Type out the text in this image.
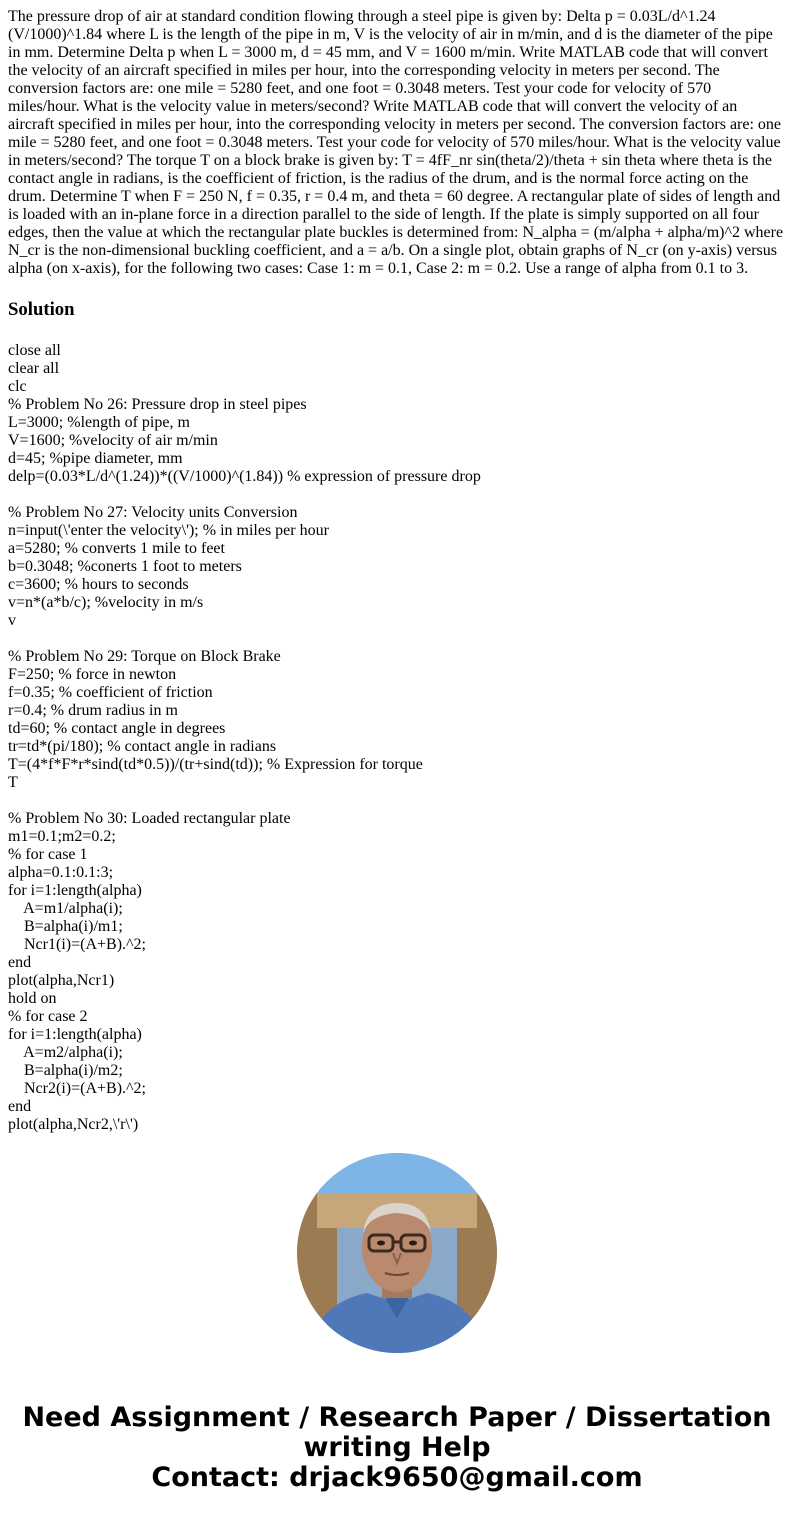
The pressure drop of air at standard condition flowing through a steel pipe is given by: Delta p = 0.03L/d^1.24 (V/1000)^1.84 where L is the length of the pipe in m, V is the velocity of air in m/min, and d is the diameter of the pipe in mm. Determine Delta p when L = 3000 m, d = 45 mm, and V = 1600 m/min. Write MATLAB code that will convert the velocity of an aircraft specified in miles per hour, into the corresponding velocity in meters per second. The conversion factors are: one mile = 5280 feet, and one foot = 0.3048 meters. Test your code for velocity of 570 miles/hour. What is the velocity value in meters/second? Write MATLAB code that will convert the velocity of an aircraft specified in miles per hour, into the corresponding velocity in meters per second. The conversion factors are: one mile = 5280 feet, and one foot = 0.3048 meters. Test your code for velocity of 570 miles/hour. What is the velocity value in meters/second? The torque T on a block brake is given by: T = 4fF_nr sin(theta/2)/theta + sin theta where theta is the contact angle in radians, is the coefficient of friction, is the radius of the drum, and is the normal force acting on the drum. Determine T when F = 250 N, f = 0.35, r = 0.4 m, and theta = 60 degree. A rectangular plate of sides of length and is loaded with an in-plane force in a direction parallel to the side of length. If the plate is simply supported on all four edges, then the value at which the rectangular plate buckles is determined from: N_alpha = (m/alpha + alpha/m)^2 where N_cr is the non-dimensional buckling coefficient, and a = a/b. On a single plot, obtain graphs of N_cr (on y-axis) versus alpha (on x-axis), for the following two cases: Case 1: m = 0.1, Case 2: m = 0.2. Use a range of alpha from 0.1 to 3.

Solution
close all
clear all
clc
% Problem No 26: Pressure drop in steel pipes
L=3000; %length of pipe, m
V=1600; %velocity of air m/min
d=45; %pipe diameter, mm
delp=(0.03*L/d^(1.24))*((V/1000)^(1.84)) % expression of pressure drop
% Problem No 27: Velocity units Conversion
n=input(\'enter the velocity\'); % in miles per hour
a=5280; % converts 1 mile to feet
b=0.3048; %conerts 1 foot to meters
c=3600; % hours to seconds
v=n*(a*b/c); %velocity in m/s
v
% Problem No 29: Torque on Block Brake
F=250; % force in newton
f=0.35; % coefficient of friction
r=0.4; % drum radius in m
td=60; % contact angle in degrees
tr=td*(pi/180); % contact angle in radians
T=(4*f*F*r*sind(td*0.5))/(tr+sind(td)); % Expression for torque
T
% Problem No 30: Loaded rectangular plate
m1=0.1;m2=0.2;
% for case 1
alpha=0.1:0.1:3;
for i=1:length(alpha)
A=m1/alpha(i);
B=alpha(i)/m1;
Ncr1(i)=(A+B).^2;
end
plot(alpha,Ncr1)
hold on
% for case 2
for i=1:length(alpha)
A=m2/alpha(i);
B=alpha(i)/m2;
Ncr2(i)=(A+B).^2;
end
plot(alpha,Ncr2,\'r\')
Need Assignment / Research Paper / Dissertation
writing Help
Contact: drjack9650@gmail.com
